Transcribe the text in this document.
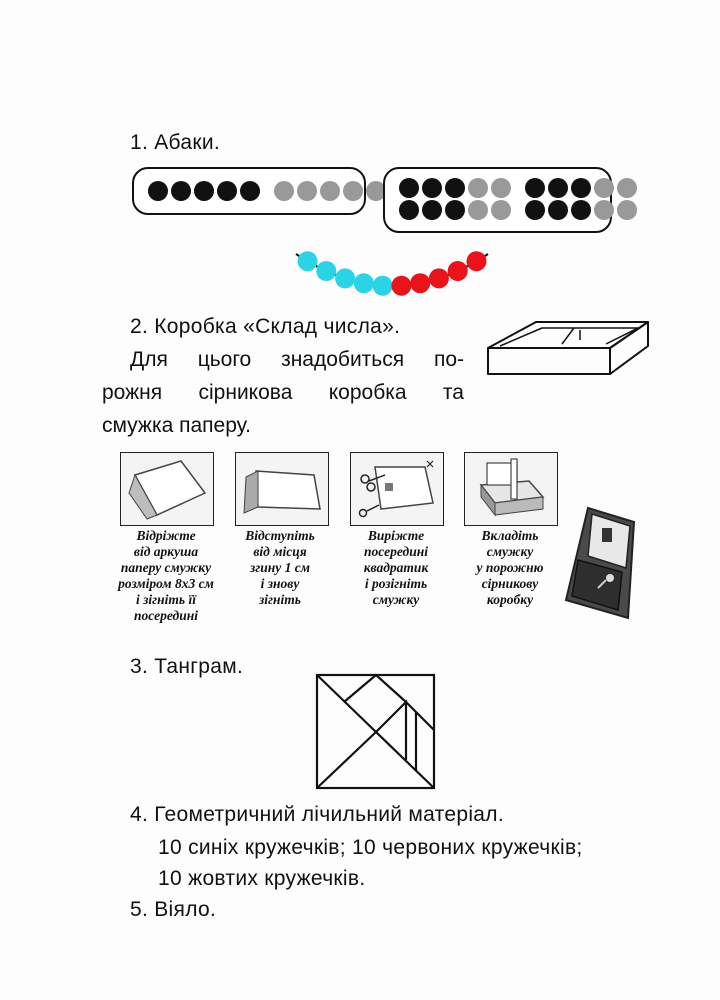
1. Абаки.
2. Коробка «Склад числа».
Для цього знадобиться по-
рожня сірникова коробка та
смужка паперу.
Відріжте
від аркуша
паперу смужку
розміром 8x3 см
і зігніть її
посередині
Відступіть
від місця
згину 1 см
і знову
зігніть
Виріжте
посередині
квадратик
і розігніть
смужку
Вкладіть
смужку
у порожню
сірникову
коробку
3. Танграм.
4. Геометричний лічильний матеріал.
10 синіх кружечків; 10 червоних кружечків;
10 жовтих кружечків.
5. Віяло.
